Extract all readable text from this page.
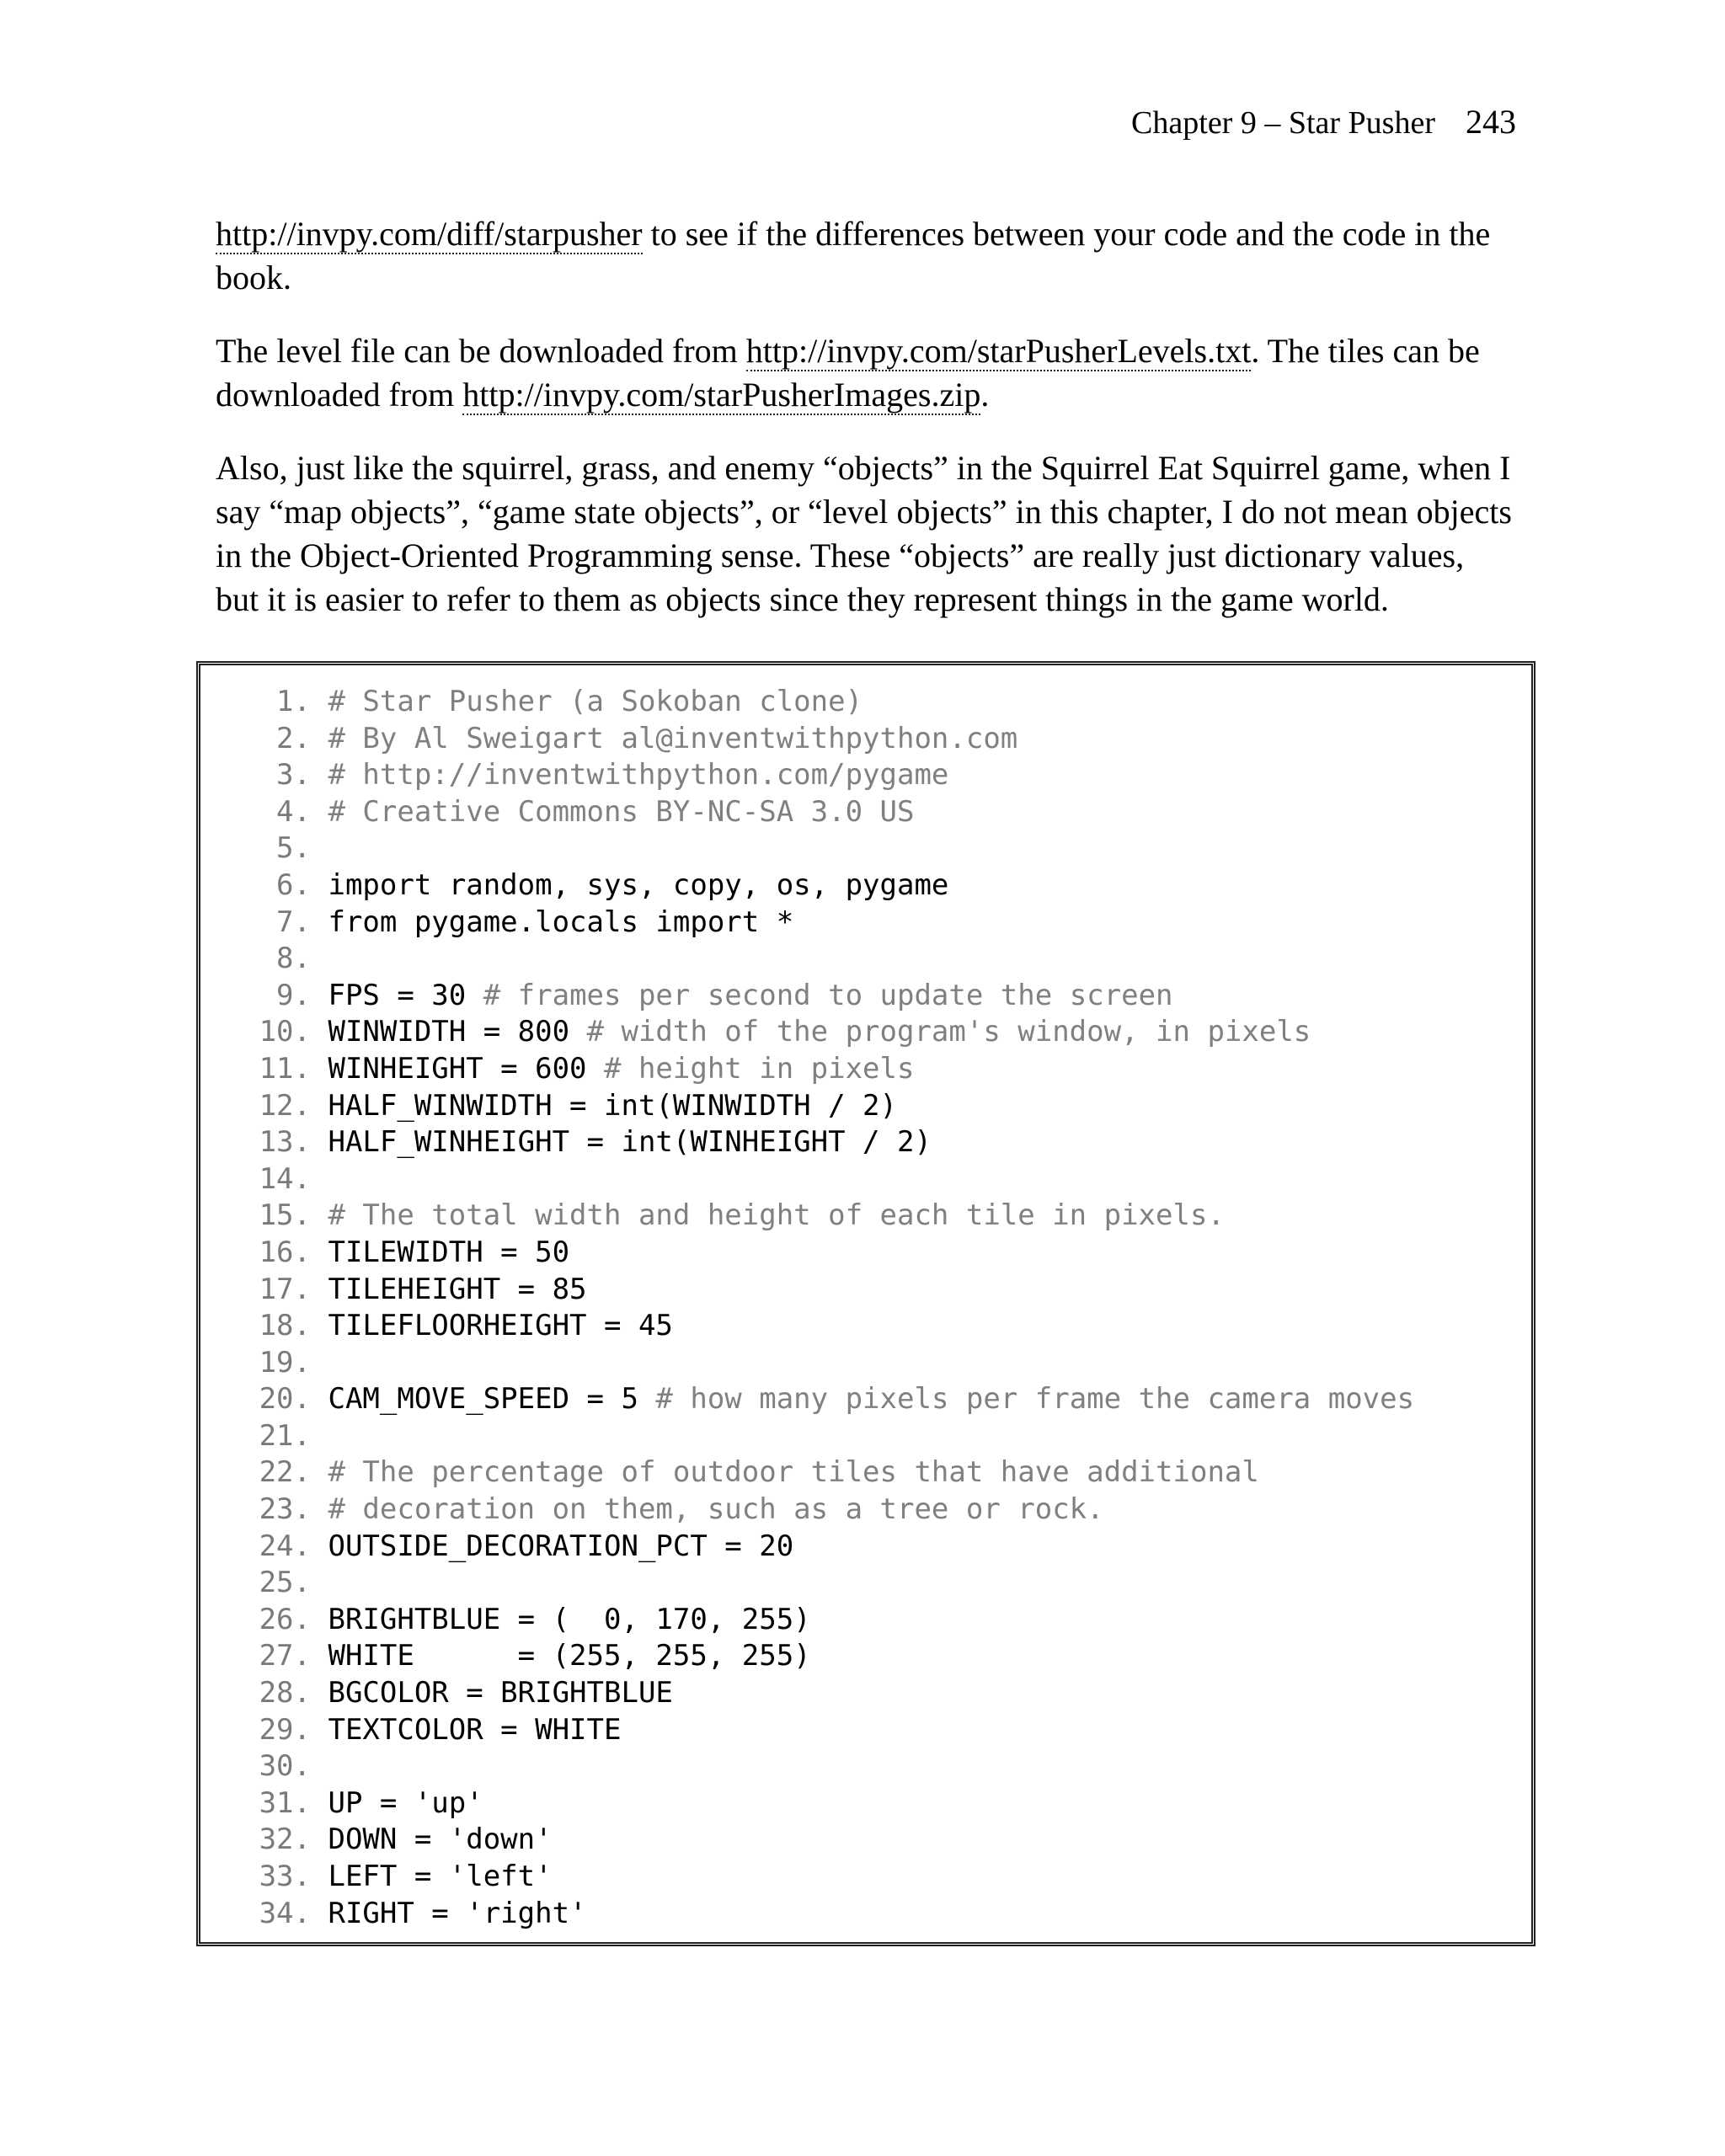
Chapter 9 – Star Pusher 243

http://invpy.com/diff/starpusher to see if the differences between your code and the code in the book.

The level file can be downloaded from http://invpy.com/starPusherLevels.txt. The tiles can be downloaded from http://invpy.com/starPusherImages.zip.

Also, just like the squirrel, grass, and enemy “objects” in the Squirrel Eat Squirrel game, when I say “map objects”, “game state objects”, or “level objects” in this chapter, I do not mean objects in the Object-Oriented Programming sense. These “objects” are really just dictionary values, but it is easier to refer to them as objects since they represent things in the game world.

1. # Star Pusher (a Sokoban clone)
2. # By Al Sweigart al@inventwithpython.com
3. # http://inventwithpython.com/pygame
4. # Creative Commons BY-NC-SA 3.0 US
5.
6. import random, sys, copy, os, pygame
7. from pygame.locals import *
8.
9. FPS = 30 # frames per second to update the screen
10. WINWIDTH = 800 # width of the program's window, in pixels
11. WINHEIGHT = 600 # height in pixels
12. HALF_WINWIDTH = int(WINWIDTH / 2)
13. HALF_WINHEIGHT = int(WINHEIGHT / 2)
14.
15. # The total width and height of each tile in pixels.
16. TILEWIDTH = 50
17. TILEHEIGHT = 85
18. TILEFLOORHEIGHT = 45
19.
20. CAM_MOVE_SPEED = 5 # how many pixels per frame the camera moves
21.
22. # The percentage of outdoor tiles that have additional
23. # decoration on them, such as a tree or rock.
24. OUTSIDE_DECORATION_PCT = 20
25.
26. BRIGHTBLUE = (  0, 170, 255)
27. WHITE      = (255, 255, 255)
28. BGCOLOR = BRIGHTBLUE
29. TEXTCOLOR = WHITE
30.
31. UP = 'up'
32. DOWN = 'down'
33. LEFT = 'left'
34. RIGHT = 'right'
